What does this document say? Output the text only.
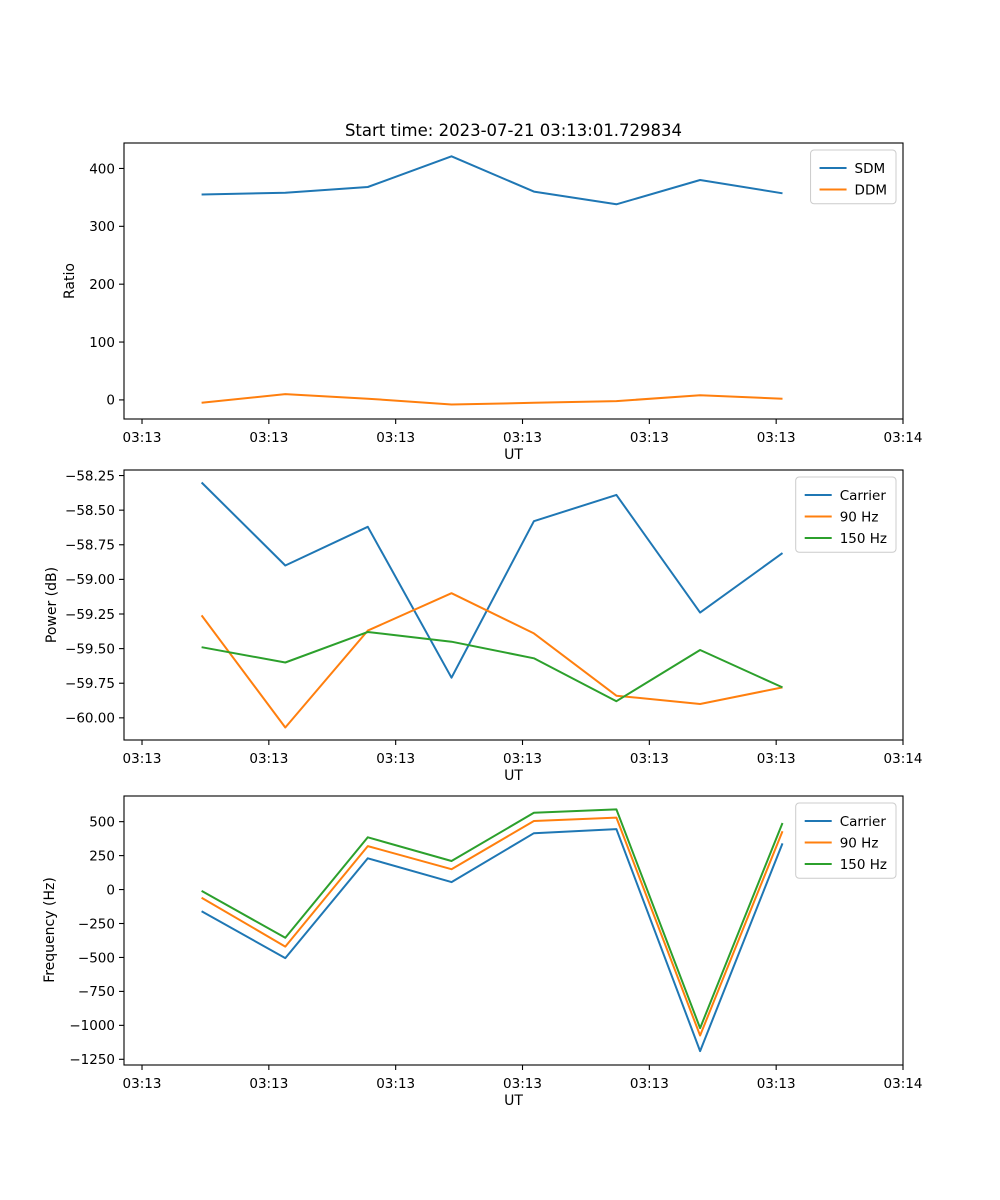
Start time: 2023-07-21 03:13:01.729834
Ratio
UT
03:13	03:13	03:13	03:13	03:13	03:13	03:14
0
100
200
300
400	SDM
DDM
Power (dB)
UT
03:13	03:13	03:13	03:13	03:13	03:13	03:14
−60.00
−59.75
−59.50
−59.25
−59.00
−58.75
−58.50
−58.25
Carrier
90 Hz
150 Hz
Frequency (Hz)
UT
03:13	03:13	03:13	03:13	03:13	03:13	03:14
−1250
−1000
−750
−500
−250
0
250
500	Carrier
90 Hz
150 Hz
